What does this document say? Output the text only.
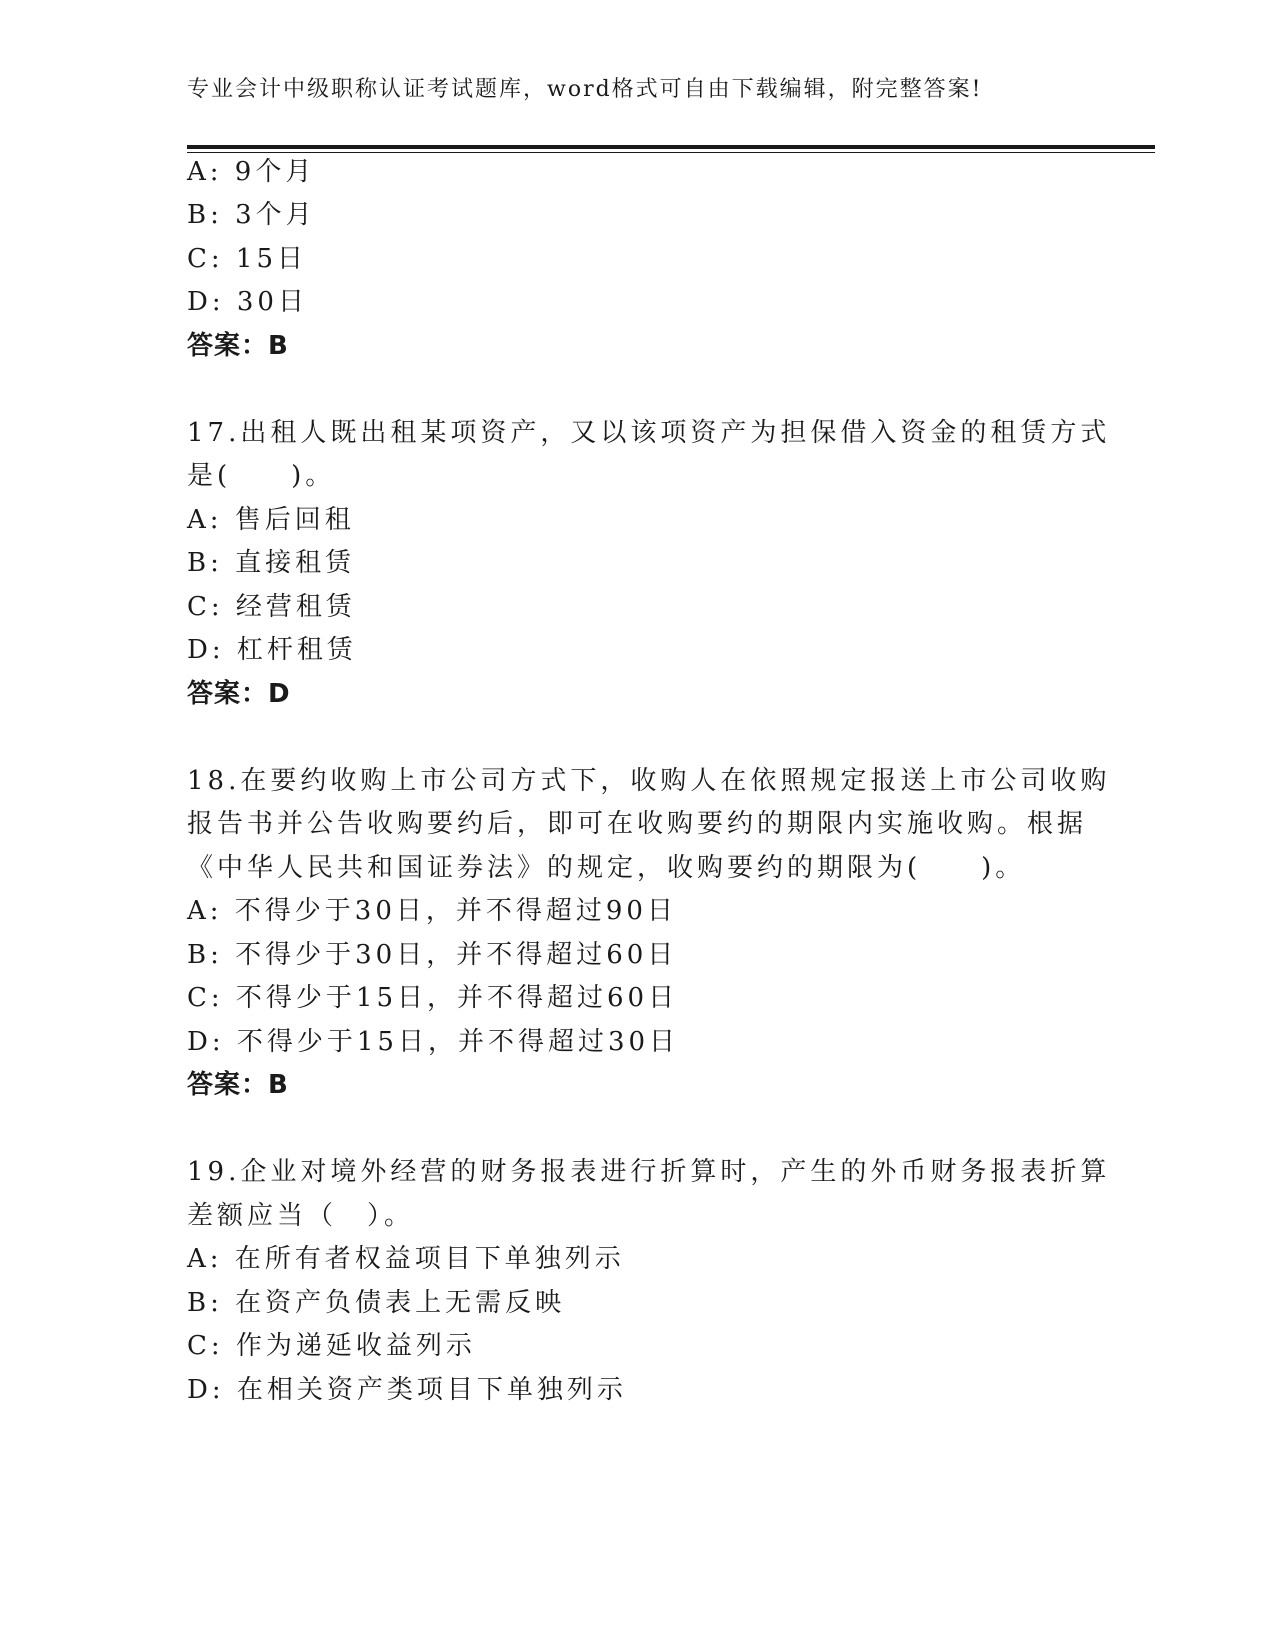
专业会计中级职称认证考试题库，word格式可自由下载编辑，附完整答案!
A: 9个月
B: 3个月
C: 15日
D: 30日
答案：B
17.出租人既出租某项资产，又以该项资产为担保借入资金的租赁方式
是(　　)。
A: 售后回租
B: 直接租赁
C: 经营租赁
D: 杠杆租赁
答案：D
18.在要约收购上市公司方式下，收购人在依照规定报送上市公司收购
报告书并公告收购要约后，即可在收购要约的期限内实施收购。根据
《中华人民共和国证券法》的规定，收购要约的期限为(　　)。
A: 不得少于30日，并不得超过90日
B: 不得少于30日，并不得超过60日
C: 不得少于15日，并不得超过60日
D: 不得少于15日，并不得超过30日
答案：B
19.企业对境外经营的财务报表进行折算时，产生的外币财务报表折算
差额应当（　）。
A: 在所有者权益项目下单独列示
B: 在资产负债表上无需反映
C: 作为递延收益列示
D: 在相关资产类项目下单独列示
